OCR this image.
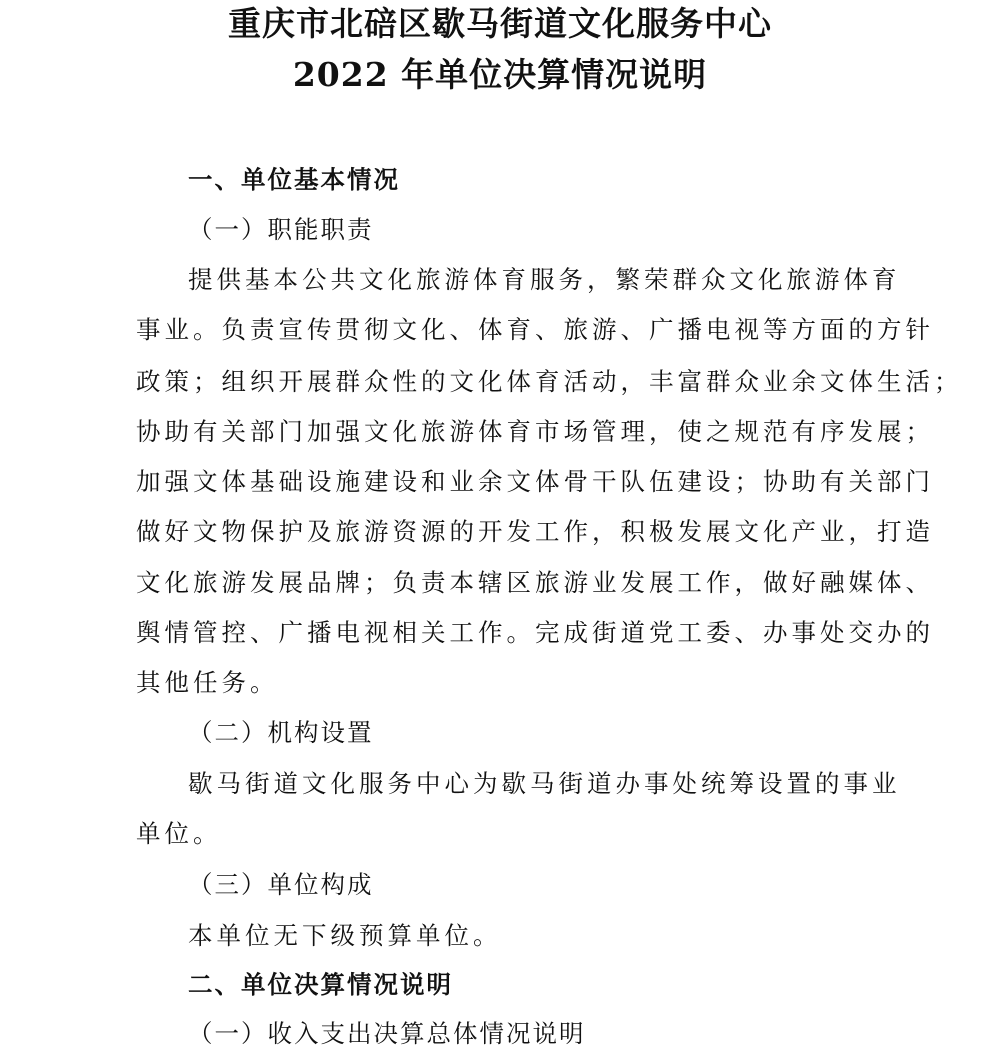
重庆市北碚区歇马街道文化服务中心
2022 年单位决算情况说明
一、单位基本情况
（一）职能职责
提供基本公共文化旅游体育服务，繁荣群众文化旅游体育
事业。负责宣传贯彻文化、体育、旅游、广播电视等方面的方针
政策；组织开展群众性的文化体育活动，丰富群众业余文体生活；
协助有关部门加强文化旅游体育市场管理，使之规范有序发展；
加强文体基础设施建设和业余文体骨干队伍建设；协助有关部门
做好文物保护及旅游资源的开发工作，积极发展文化产业，打造
文化旅游发展品牌；负责本辖区旅游业发展工作，做好融媒体、
舆情管控、广播电视相关工作。完成街道党工委、办事处交办的
其他任务。
（二）机构设置
歇马街道文化服务中心为歇马街道办事处统筹设置的事业
单位。
（三）单位构成
本单位无下级预算单位。
二、单位决算情况说明
（一）收入支出决算总体情况说明
